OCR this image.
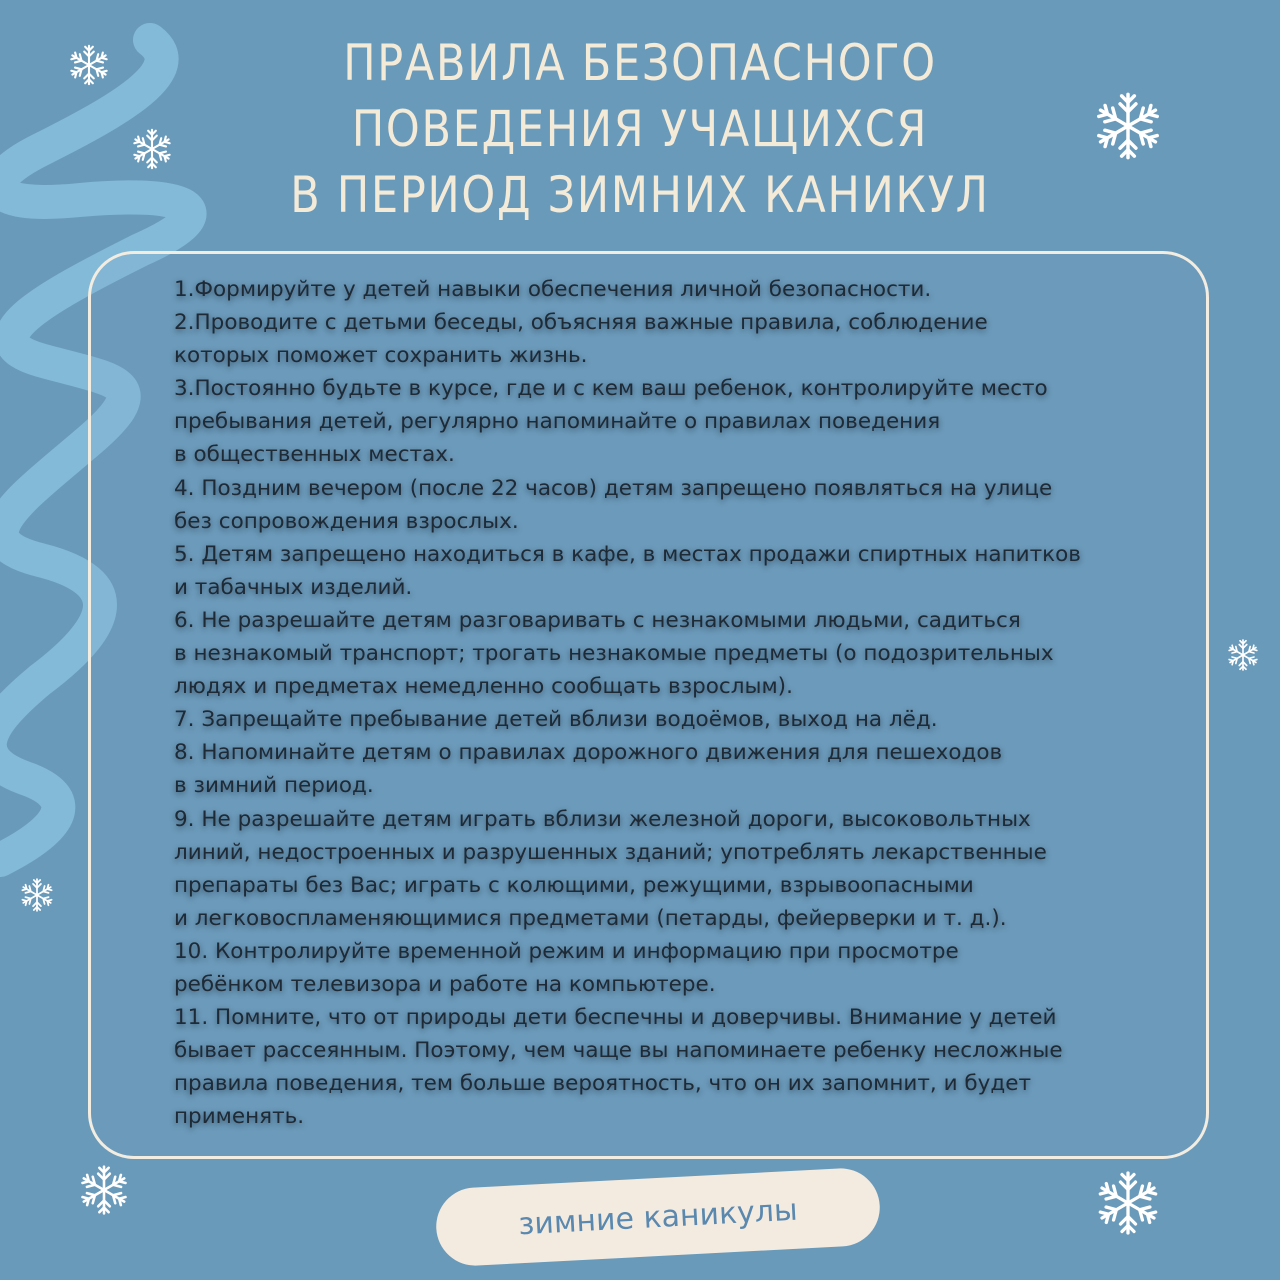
ПРАВИЛА БЕЗОПАСНОГО
ПОВЕДЕНИЯ УЧАЩИХСЯ
В ПЕРИОД ЗИМНИХ КАНИКУЛ
1.Формируйте у детей навыки обеспечения личной безопасности.
2.Проводите с детьми беседы, объясняя важные правила, соблюдение
которых поможет сохранить жизнь.
3.Постоянно будьте в курсе, где и с кем ваш ребенок, контролируйте место
пребывания детей, регулярно напоминайте о правилах поведения
в общественных местах.
4. Поздним вечером (после 22 часов) детям запрещено появляться на улице
без сопровождения взрослых.
5. Детям запрещено находиться в кафе, в местах продажи спиртных напитков
и табачных изделий.
6. Не разрешайте детям разговаривать с незнакомыми людьми, садиться
в незнакомый транспорт; трогать незнакомые предметы (о подозрительных
людях и предметах немедленно сообщать взрослым).
7. Запрещайте пребывание детей вблизи водоёмов, выход на лёд.
8. Напоминайте детям о правилах дорожного движения для пешеходов
в зимний период.
9. Не разрешайте детям играть вблизи железной дороги, высоковольтных
линий, недостроенных и разрушенных зданий; употреблять лекарственные
препараты без Вас; играть с колющими, режущими, взрывоопасными
и легковоспламеняющимися предметами (петарды, фейерверки и т. д.).
10. Контролируйте временной режим и информацию при просмотре
ребёнком телевизора и работе на компьютере.
11. Помните, что от природы дети беспечны и доверчивы. Внимание у детей
бывает рассеянным. Поэтому, чем чаще вы напоминаете ребенку несложные
правила поведения, тем больше вероятность, что он их запомнит, и будет
применять.
зимние каникулы
